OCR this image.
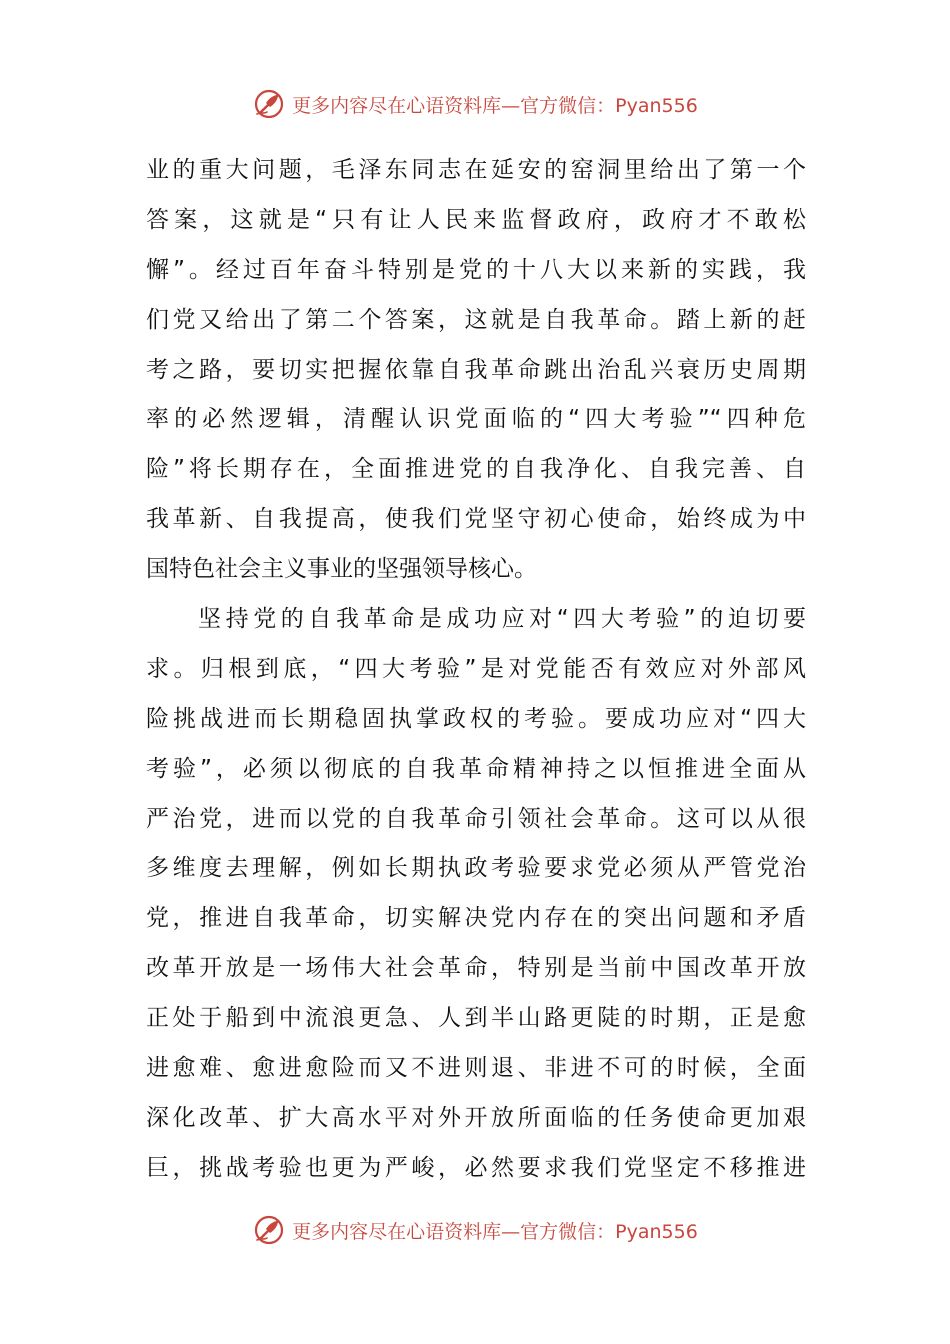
更多内容尽在心语资料库—官方微信：Pyan556
业的重大问题，毛泽东同志在延安的窑洞里给出了第一个
答案，这就是“只有让人民来监督政府，政府才不敢松
懈”。经过百年奋斗特别是党的十八大以来新的实践，我
们党又给出了第二个答案，这就是自我革命。踏上新的赶
考之路，要切实把握依靠自我革命跳出治乱兴衰历史周期
率的必然逻辑，清醒认识党面临的“四大考验”“四种危
险”将长期存在，全面推进党的自我净化、自我完善、自
我革新、自我提高，使我们党坚守初心使命，始终成为中
国特色社会主义事业的坚强领导核心。
坚持党的自我革命是成功应对“四大考验”的迫切要
求。归根到底，“四大考验”是对党能否有效应对外部风
险挑战进而长期稳固执掌政权的考验。要成功应对“四大
考验”，必须以彻底的自我革命精神持之以恒推进全面从
严治党，进而以党的自我革命引领社会革命。这可以从很
多维度去理解，例如长期执政考验要求党必须从严管党治
党，推进自我革命，切实解决党内存在的突出问题和矛盾
改革开放是一场伟大社会革命，特别是当前中国改革开放
正处于船到中流浪更急、人到半山路更陡的时期，正是愈
进愈难、愈进愈险而又不进则退、非进不可的时候，全面
深化改革、扩大高水平对外开放所面临的任务使命更加艰
巨，挑战考验也更为严峻，必然要求我们党坚定不移推进
更多内容尽在心语资料库—官方微信：Pyan556
